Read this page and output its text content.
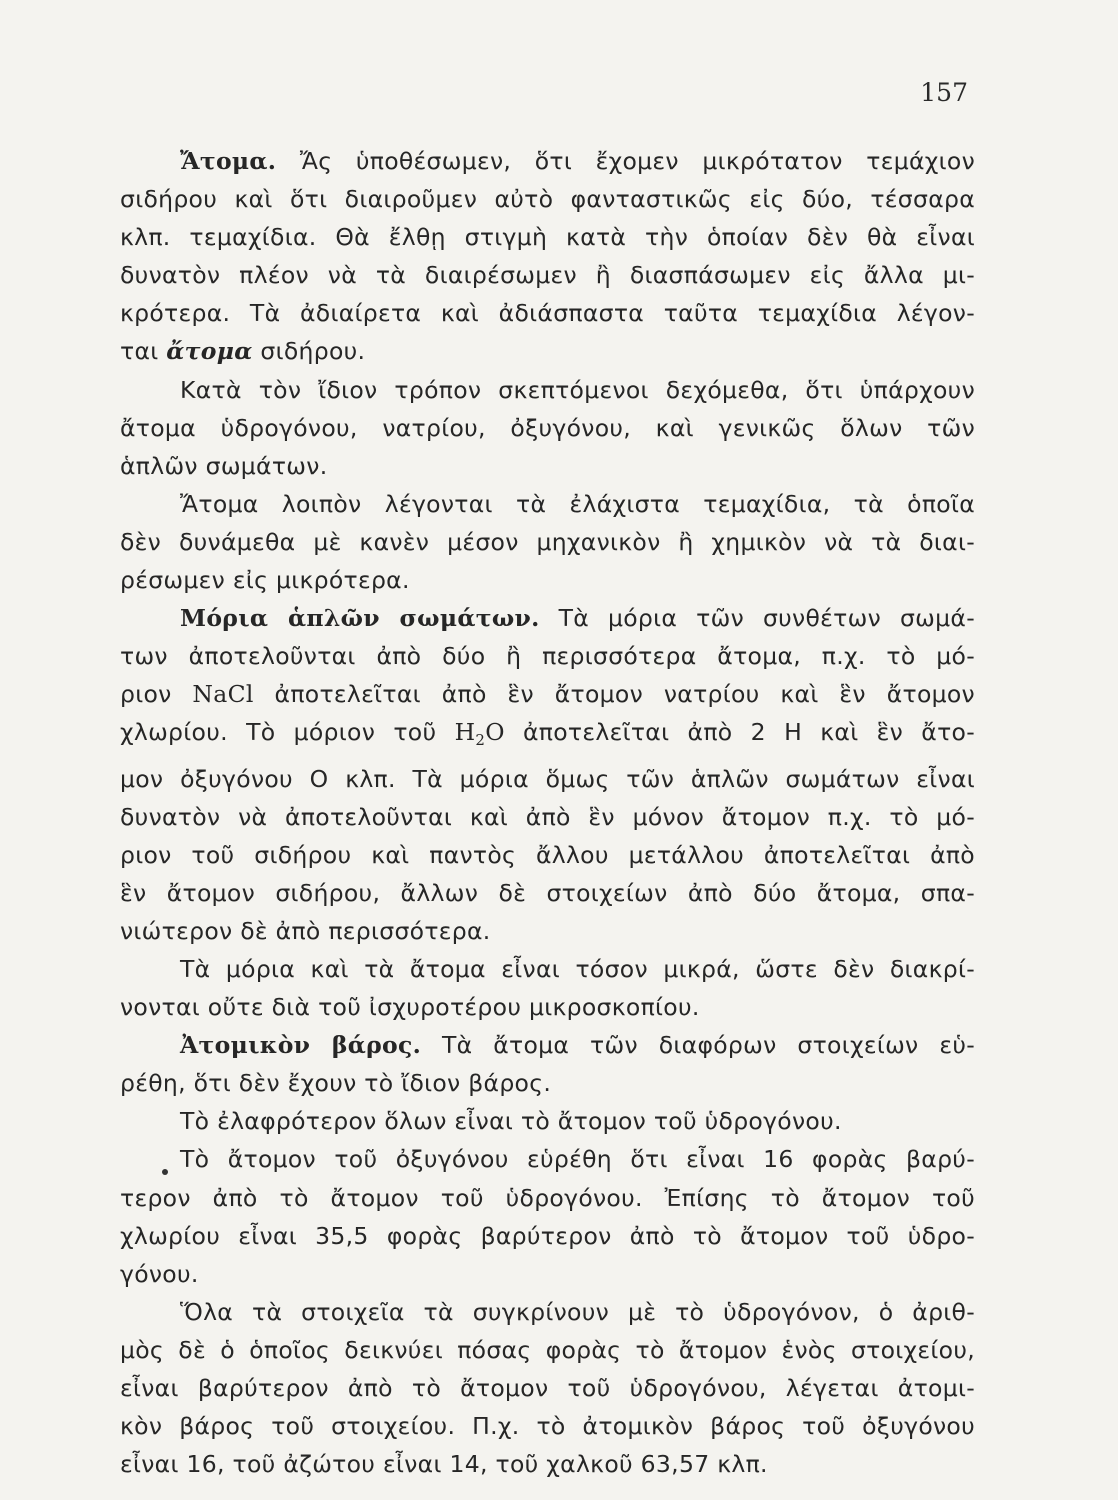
157
Ἄτομα. Ἄς ὑποθέσωμεν, ὅτι ἔχομεν μικρότατον τεμάχιον
σιδήρου καὶ ὅτι διαιροῦμεν αὐτὸ φανταστικῶς εἰς δύο, τέσσαρα
κλπ. τεμαχίδια. Θὰ ἔλθῃ στιγμὴ κατὰ τὴν ὁποίαν δὲν θὰ εἶναι
δυνατὸν πλέον νὰ τὰ διαιρέσωμεν ἢ διασπάσωμεν εἰς ἄλλα μι-
κρότερα. Τὰ ἀδιαίρετα καὶ ἀδιάσπαστα ταῦτα τεμαχίδια λέγον-
ται ἄτομα σιδήρου.
Κατὰ τὸν ἴδιον τρόπον σκεπτόμενοι δεχόμεθα, ὅτι ὑπάρχουν
ἄτομα ὑδρογόνου, νατρίου, ὀξυγόνου, καὶ γενικῶς ὅλων τῶν
ἁπλῶν σωμάτων.
Ἄτομα λοιπὸν λέγονται τὰ ἐλάχιστα τεμαχίδια, τὰ ὁποῖα
δὲν δυνάμεθα μὲ κανὲν μέσον μηχανικὸν ἢ χημικὸν νὰ τὰ διαι-
ρέσωμεν εἰς μικρότερα.
Μόρια ἁπλῶν σωμάτων. Τὰ μόρια τῶν συνθέτων σωμά-
των ἀποτελοῦνται ἀπὸ δύο ἢ περισσότερα ἄτομα, π.χ. τὸ μό-
ριον NaCl ἀποτελεῖται ἀπὸ ἓν ἄτομον νατρίου καὶ ἓν ἄτομον
χλωρίου. Τὸ μόριον τοῦ $H_2O$ ἀποτελεῖται ἀπὸ 2 H καὶ ἓν ἄτο-
μον ὀξυγόνου O κλπ. Τὰ μόρια ὅμως τῶν ἁπλῶν σωμάτων εἶναι
δυνατὸν νὰ ἀποτελοῦνται καὶ ἀπὸ ἓν μόνον ἄτομον π.χ. τὸ μό-
ριον τοῦ σιδήρου καὶ παντὸς ἄλλου μετάλλου ἀποτελεῖται ἀπὸ
ἓν ἄτομον σιδήρου, ἄλλων δὲ στοιχείων ἀπὸ δύο ἄτομα, σπα-
νιώτερον δὲ ἀπὸ περισσότερα.
Τὰ μόρια καὶ τὰ ἄτομα εἶναι τόσον μικρά, ὥστε δὲν διακρί-
νονται οὔτε διὰ τοῦ ἰσχυροτέρου μικροσκοπίου.
Ἀτομικὸν βάρος. Τὰ ἄτομα τῶν διαφόρων στοιχείων εὑ-
ρέθη, ὅτι δὲν ἔχουν τὸ ἴδιον βάρος.
Τὸ ἐλαφρότερον ὅλων εἶναι τὸ ἄτομον τοῦ ὑδρογόνου.
Τὸ ἄτομον τοῦ ὀξυγόνου εὑρέθη ὅτι εἶναι 16 φορὰς βαρύ-
τερον ἀπὸ τὸ ἄτομον τοῦ ὑδρογόνου. Ἐπίσης τὸ ἄτομον τοῦ
χλωρίου εἶναι 35,5 φορὰς βαρύτερον ἀπὸ τὸ ἄτομον τοῦ ὑδρο-
γόνου.
Ὅλα τὰ στοιχεῖα τὰ συγκρίνουν μὲ τὸ ὑδρογόνον, ὁ ἀριθ-
μὸς δὲ ὁ ὁποῖος δεικνύει πόσας φορὰς τὸ ἄτομον ἑνὸς στοιχείου,
εἶναι βαρύτερον ἀπὸ τὸ ἄτομον τοῦ ὑδρογόνου, λέγεται ἀτομι-
κὸν βάρος τοῦ στοιχείου. Π.χ. τὸ ἀτομικὸν βάρος τοῦ ὀξυγόνου
εἶναι 16, τοῦ ἀζώτου εἶναι 14, τοῦ χαλκοῦ 63,57 κλπ.
